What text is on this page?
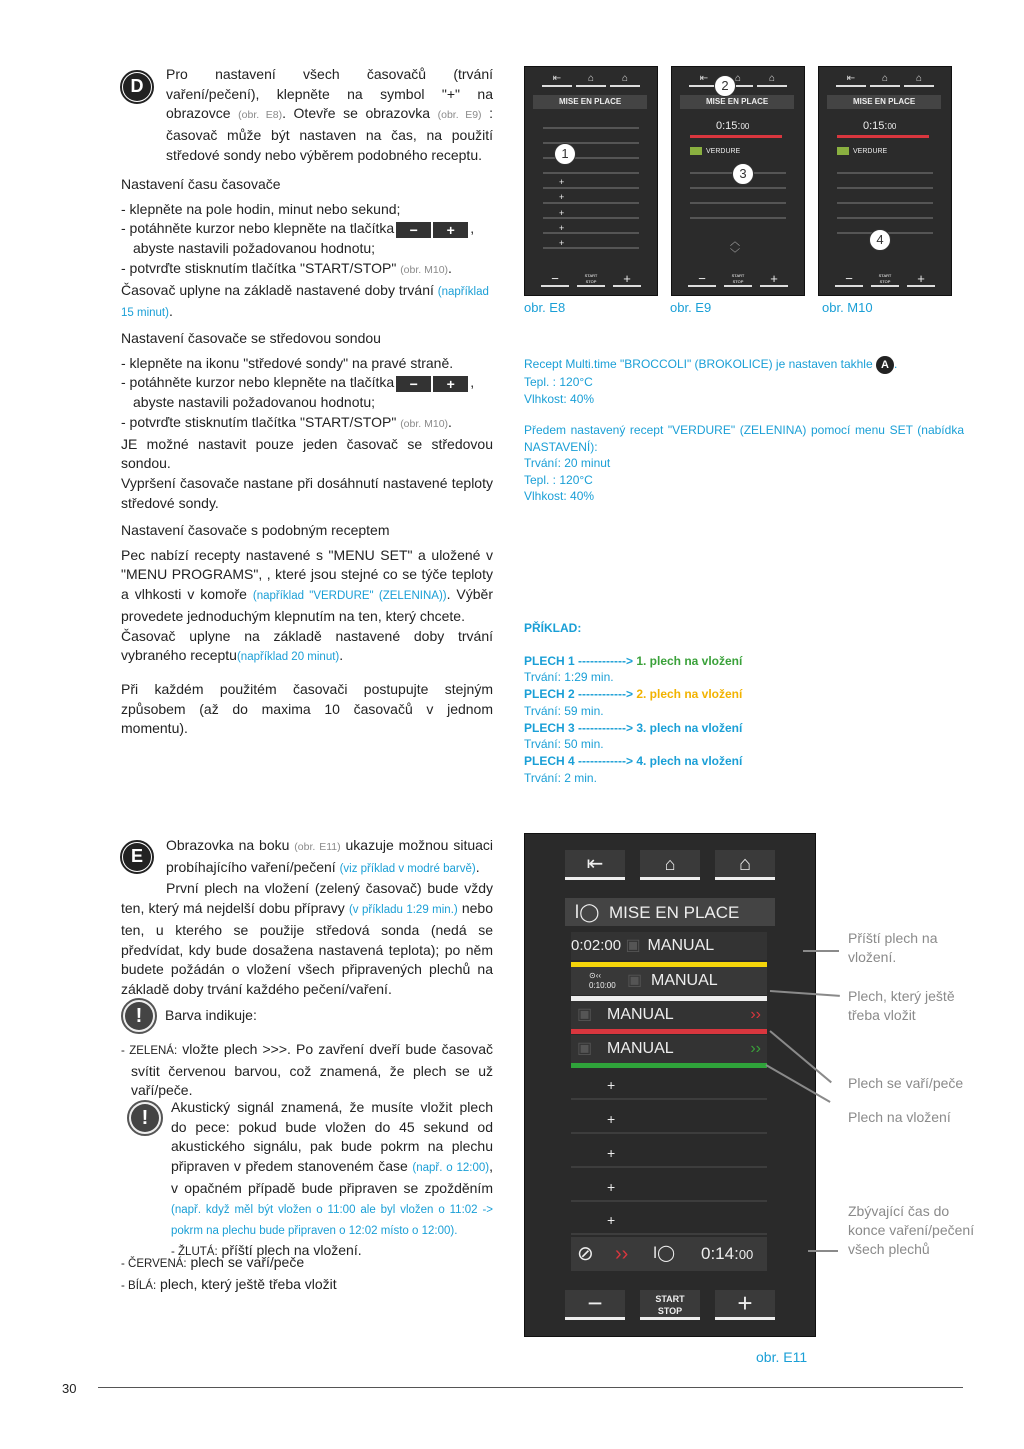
D

Pro nastavení všech časovačů (trvání vaření/pečení), klepněte na symbol "+" na obrazovce (obr. E8). Otevře se obrazovka (obr. E9) : časovač může být nastaven na čas, na použití středové sondy nebo výběrem podobného receptu.

Nastavení času časovače

- klepněte na pole hodin, minut nebo sekund;

- potáhněte kurzor nebo klepněte na tlačítka	−	+	,

abyste nastavili požadovanou hodnotu;

- potvrďte stisknutím tlačítka "START/STOP" (obr. M10).

Časovač uplyne na základě nastavené doby trvání (například 15 minut).

Nastavení časovače se středovou sondou

- klepněte na ikonu "středové sondy" na pravé straně.

- potáhněte kurzor nebo klepněte na tlačítka	−	+	,

abyste nastavili požadovanou hodnotu;

- potvrďte stisknutím tlačítka "START/STOP" (obr. M10).

JE možné nastavit pouze jeden časovač se středovou sondou.

Vypršení časovače nastane při dosáhnutí nastavené teploty středové sondy.

Nastavení časovače s podobným receptem

Pec nabízí recepty nastavené s "MENU SET" a uložené v "MENU PROGRAMS", , které jsou stejné co se týče teploty a vlhkosti v komoře (například "VERDURE" (ZELENINA)). Výběr provedete jednoduchým klepnutím na ten, který chcete.

Časovač uplyne na základě nastavené doby trvání vybraného receptu(například 20 minut).

Při každém použitém časovači postupujte stejným způsobem (až do maxima 10 časovačů v jednom momentu).

⇤	⌂	⌂
MISE EN PLACE
+
+
+
+
+
−	START
STOP	+
1
obr. E8
⇤	⌂	⌂
MISE EN PLACE
0:15:00
VERDURE
︿
﹀
−	START
STOP	+
2
3
obr. E9
⇤	⌂	⌂
MISE EN PLACE
0:15:00
VERDURE
−	START
STOP	+
4
obr. M10

Recept Multi.time "BROCCOLI" (BROKOLICE) je nastaven takhle A .

Tepl. : 120°C

Vlhkost: 40%

Předem nastavený recept "VERDURE" (ZELENINA) pomocí menu SET (nabídka NASTAVENÍ):

Trvání: 20 minut

Tepl. : 120°C

Vlhkost: 40%

PŘÍKLAD:

PLECH 1 ------------> 1. plech na vložení

Trvání: 1:29 min.

PLECH 2 ------------> 2. plech na vložení

Trvání: 59 min.

PLECH 3 ------------> 3. plech na vložení

Trvání: 50 min.

PLECH 4 ------------> 4. plech na vložení

Trvání: 2 min.

E

Obrazovka na boku (obr. E11) ukazuje možnou situaci probíhajícího vaření/pečení (viz příklad v modré barvě).

První plech na vložení (zelený časovač) bude vždy ten, který má nejdelší dobu přípravy (v příkladu 1:29 min.) nebo ten, u kterého se použije středová sonda (nedá se předvídat, kdy bude dosažena nastavená teplota); po něm budete požádán o vložení všech připravených plechů na základě doby trvání každého pečení/vaření.

!	Barva indikuje:

- ZELENÁ: vložte plech >>>. Po zavření dveří bude časovač svítit červenou barvou, což znamená, že plech se už vaří/peče.

!	Akustický signál znamená, že musíte vložit plech do pece: pokud bude vložen do 45 sekund od akustického signálu, pak bude pokrm na plechu připraven v předem stanoveném čase (např. o 12:00), v opačném případě bude připraven se zpožděním (např. když měl být vložen o 11:00 ale byl vložen o 11:02 -> pokrm na plechu bude připraven o 12:02 místo o 12:00).

- ŽLUTÁ: příští plech na vložení.

- ČERVENÁ: plech se vaří/peče

- BÍLÁ: plech, který ještě třeba vložit

⇤	⌂	⌂
ǀ◯ MISE EN PLACE
0:02:00 ▣ MANUAL
⊙‹‹
0:10:00 ▣ MANUAL
▣ MANUAL	››
▣ MANUAL	››
+
+
+
+
+
⊘ ›› ǀ◯ 0:14:00
−	START
STOP	+
obr. E11
Příští plech na vložení.
Plech, který ještě třeba vložit
Plech se vaří/peče
Plech na vložení
Zbývající čas do konce vaření/pečení všech plechů
30
